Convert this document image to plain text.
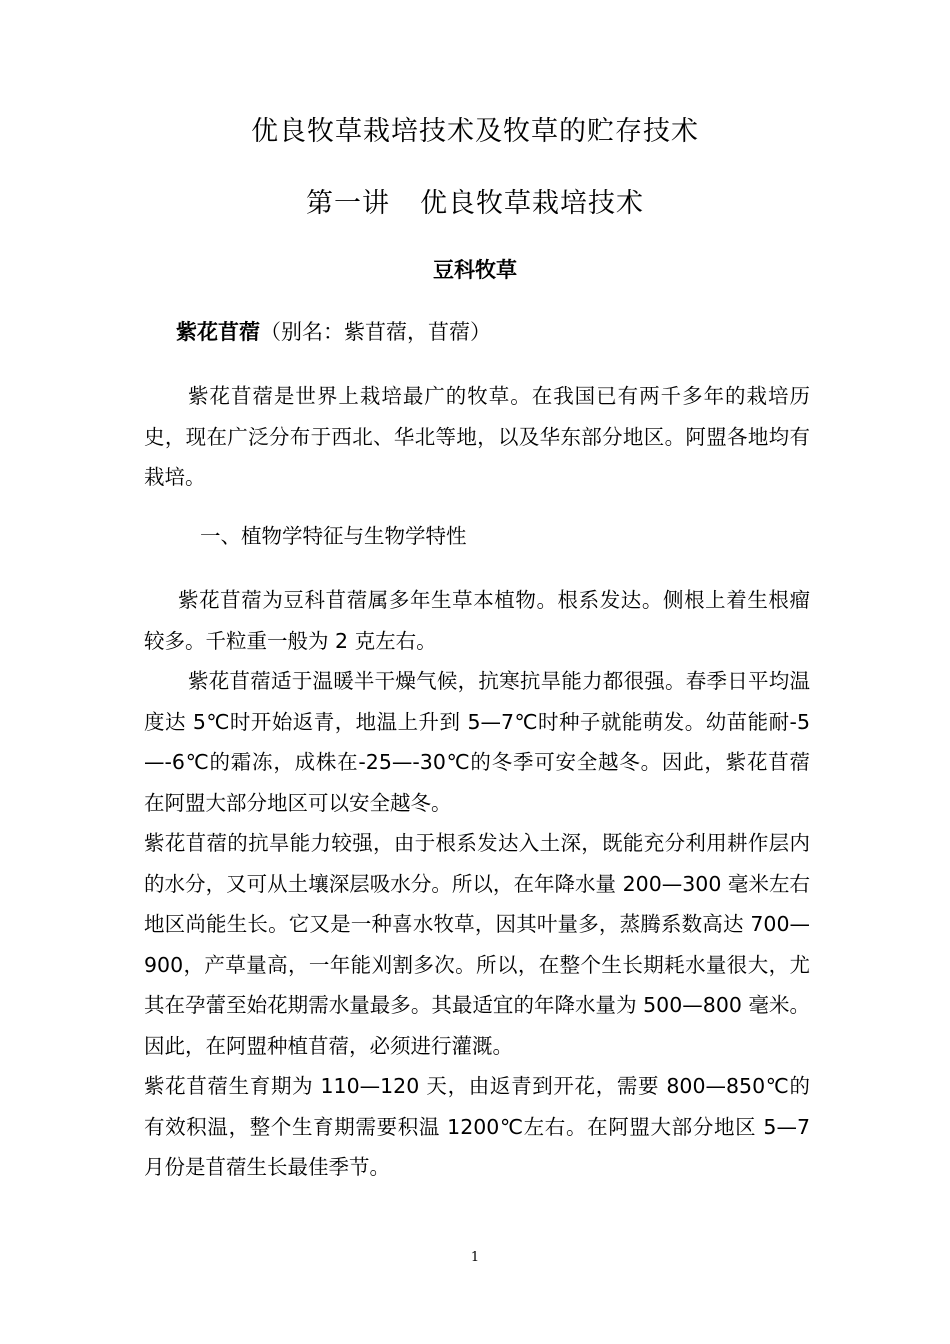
优良牧草栽培技术及牧草的贮存技术
第一讲 优良牧草栽培技术
豆科牧草
紫花苜蓿（别名：紫苜蓿，苜蓿）

紫花苜蓿是世界上栽培最广的牧草。在我国已有两千多年的栽培历史，现在广泛分布于西北、华北等地，以及华东部分地区。阿盟各地均有栽培。

一、植物学特征与生物学特性

紫花苜蓿为豆科苜蓿属多年生草本植物。根系发达。侧根上着生根瘤较多。千粒重一般为 2 克左右。

紫花苜蓿适于温暖半干燥气候，抗寒抗旱能力都很强。春季日平均温度达 5℃时开始返青，地温上升到 5—7℃时种子就能萌发。幼苗能耐-5—-6℃的霜冻，成株在-25—-30℃的冬季可安全越冬。因此，紫花苜蓿在阿盟大部分地区可以安全越冬。

紫花苜蓿的抗旱能力较强，由于根系发达入土深，既能充分利用耕作层内的水分，又可从土壤深层吸水分。所以，在年降水量 200—300 毫米左右地区尚能生长。它又是一种喜水牧草，因其叶量多，蒸腾系数高达 700—900，产草量高，一年能刈割多次。所以，在整个生长期耗水量很大，尤其在孕蕾至始花期需水量最多。其最适宜的年降水量为 500—800 毫米。因此，在阿盟种植苜蓿，必须进行灌溉。

紫花苜蓿生育期为 110—120 天，由返青到开花，需要 800—850℃的有效积温，整个生育期需要积温 1200℃左右。在阿盟大部分地区 5—7 月份是苜蓿生长最佳季节。

1
